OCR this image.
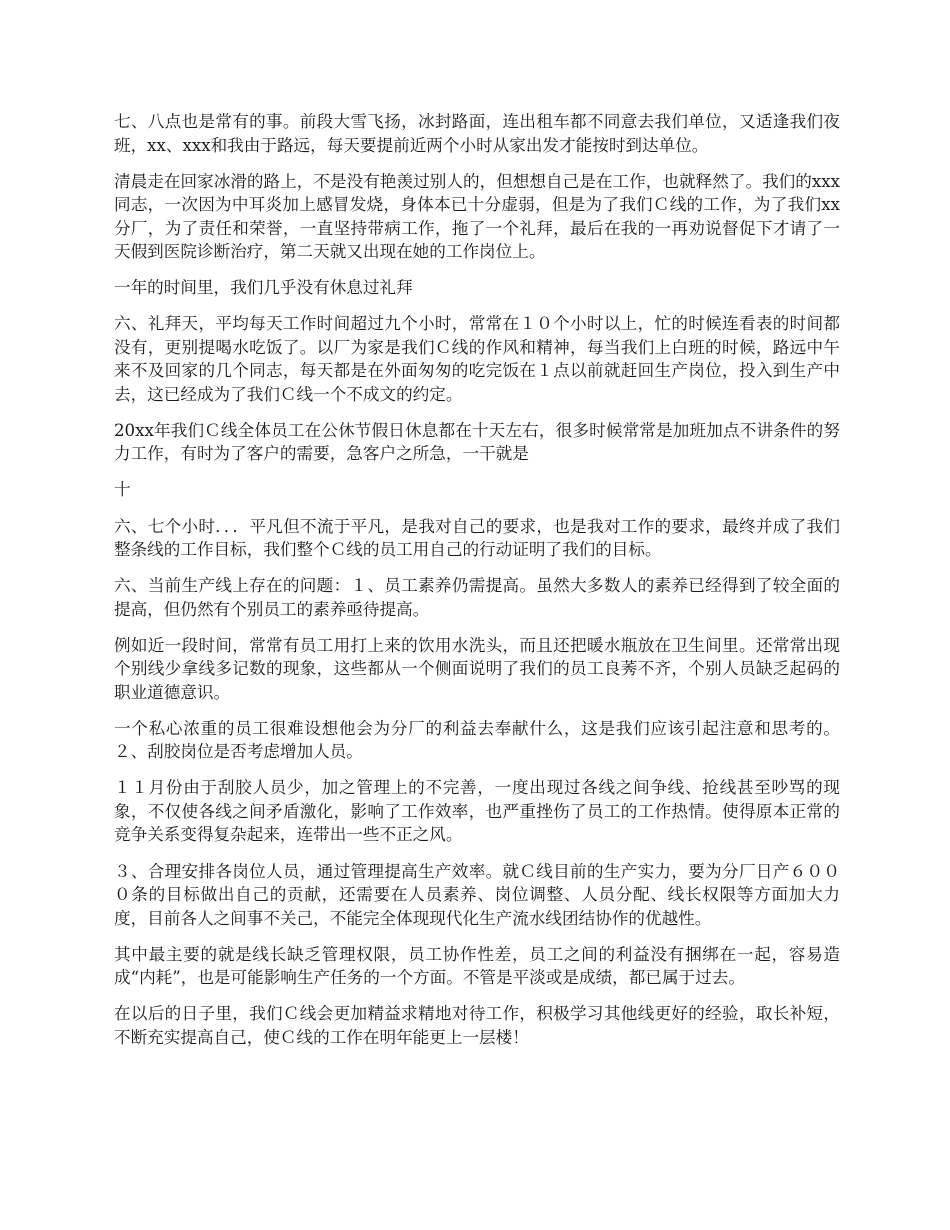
七、八点也是常有的事。前段大雪飞扬，冰封路面，连出租车都不同意去我们单位，又适逢我们夜班，xx、xxx和我由于路远，每天要提前近两个小时从家出发才能按时到达单位。

清晨走在回家冰滑的路上，不是没有艳羡过别人的，但想想自己是在工作，也就释然了。我们的xxx同志，一次因为中耳炎加上感冒发烧，身体本已十分虚弱，但是为了我们Ｃ线的工作，为了我们xx分厂，为了责任和荣誉，一直坚持带病工作，拖了一个礼拜，最后在我的一再劝说督促下才请了一天假到医院诊断治疗，第二天就又出现在她的工作岗位上。

一年的时间里，我们几乎没有休息过礼拜

六、礼拜天，平均每天工作时间超过九个小时，常常在１０个小时以上，忙的时候连看表的时间都没有，更别提喝水吃饭了。以厂为家是我们Ｃ线的作风和精神，每当我们上白班的时候，路远中午来不及回家的几个同志，每天都是在外面匆匆的吃完饭在１点以前就赶回生产岗位，投入到生产中去，这已经成为了我们Ｃ线一个不成文的约定。

20xx年我们Ｃ线全体员工在公休节假日休息都在十天左右，很多时候常常是加班加点不讲条件的努力工作，有时为了客户的需要，急客户之所急，一干就是

十

六、七个小时．．．平凡但不流于平凡，是我对自己的要求，也是我对工作的要求，最终并成了我们整条线的工作目标，我们整个Ｃ线的员工用自己的行动证明了我们的目标。

六、当前生产线上存在的问题：１、员工素养仍需提高。虽然大多数人的素养已经得到了较全面的提高，但仍然有个别员工的素养亟待提高。

例如近一段时间，常常有员工用打上来的饮用水洗头，而且还把暖水瓶放在卫生间里。还常常出现个别线少拿线多记数的现象，这些都从一个侧面说明了我们的员工良莠不齐，个别人员缺乏起码的职业道德意识。

一个私心浓重的员工很难设想他会为分厂的利益去奉献什么，这是我们应该引起注意和思考的。２、刮胶岗位是否考虑增加人员。

１１月份由于刮胶人员少，加之管理上的不完善，一度出现过各线之间争线、抢线甚至吵骂的现象，不仅使各线之间矛盾激化，影响了工作效率，也严重挫伤了员工的工作热情。使得原本正常的竞争关系变得复杂起来，连带出一些不正之风。

３、合理安排各岗位人员，通过管理提高生产效率。就Ｃ线目前的生产实力，要为分厂日产６０００条的目标做出自己的贡献，还需要在人员素养、岗位调整、人员分配、线长权限等方面加大力度，目前各人之间事不关己，不能完全体现现代化生产流水线团结协作的优越性。

其中最主要的就是线长缺乏管理权限，员工协作性差，员工之间的利益没有捆绑在一起，容易造成“内耗”，也是可能影响生产任务的一个方面。不管是平淡或是成绩，都已属于过去。

在以后的日子里，我们Ｃ线会更加精益求精地对待工作，积极学习其他线更好的经验，取长补短，不断充实提高自己，使Ｃ线的工作在明年能更上一层楼！
